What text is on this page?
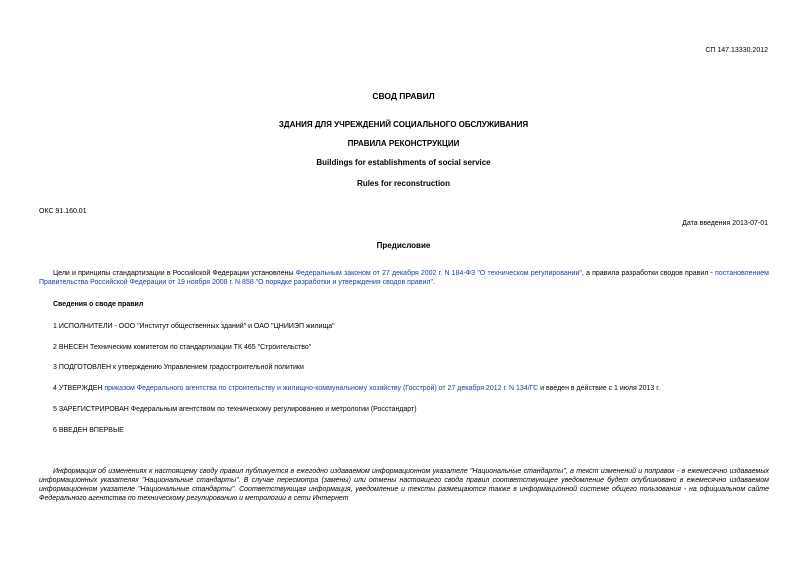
СП 147.13330.2012
СВОД ПРАВИЛ
ЗДАНИЯ ДЛЯ УЧРЕЖДЕНИЙ СОЦИАЛЬНОГО ОБСЛУЖИВАНИЯ
ПРАВИЛА РЕКОНСТРУКЦИИ
Buildings for establishments of social service
Rules for reconstruction
ОКС 91.160.01
Дата введения 2013-07-01
Предисловие
Цели и принципы стандартизации в Российской Федерации установлены Федеральным законом от 27 декабря 2002 г. N 184-ФЗ "О техническом регулировании", а правила разработки сводов правил - постановлением Правительства Российской Федерации от 19 ноября 2008 г. N 858 "О порядке разработки и утверждения сводов правил".
Сведения о своде правил
1 ИСПОЛНИТЕЛИ - ООО "Институт общественных зданий" и ОАО "ЦНИИЭП жилища"
2 ВНЕСЕН Техническим комитетом по стандартизации ТК 465 "Строительство"
3 ПОДГОТОВЛЕН к утверждению Управлением градостроительной политики
4 УТВЕРЖДЕН приказом Федерального агентства по строительству и жилищно-коммунальному хозяйству (Госстрой) от 27 декабря 2012 г. N 134/ГС и введен в действие с 1 июля 2013 г.
5 ЗАРЕГИСТРИРОВАН Федеральным агентством по техническому регулированию и метрологии (Росстандарт)
6 ВВЕДЕН ВПЕРВЫЕ
Информация об изменениях к настоящему своду правил публикуется в ежегодно издаваемом информационном указателе "Национальные стандарты", а текст изменений и поправок - в ежемесячно издаваемых информационных указателях "Национальные стандарты". В случае пересмотра (замены) или отмены настоящего свода правил соответствующее уведомление будет опубликовано в ежемесячно издаваемом информационном указателе "Национальные стандарты". Соответствующая информация, уведомление и тексты размещаются также в информационной системе общего пользования - на официальном сайте Федерального агентства по техническому регулированию и метрологии в сети Интернет
